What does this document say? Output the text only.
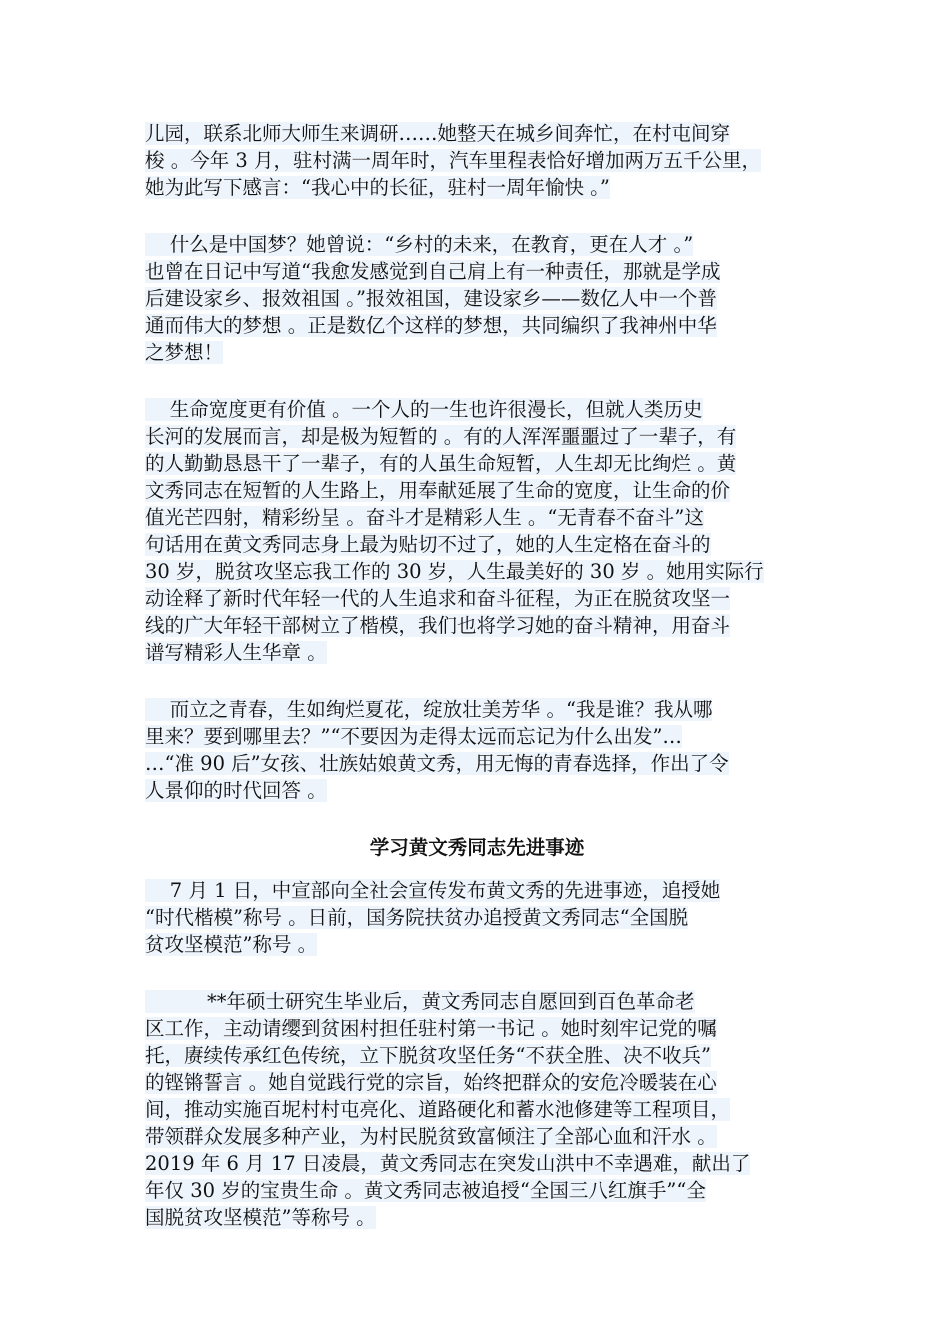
儿园，联系北师大师生来调研……她整天在城乡间奔忙，在村屯间穿
梭 。今年 3 月，驻村满一周年时，汽车里程表恰好增加两万五千公里，
她为此写下感言：“我心中的长征，驻村一周年愉快 。”
什么是中国梦？她曾说：“乡村的未来，在教育，更在人才 。”
也曾在日记中写道“我愈发感觉到自己肩上有一种责任，那就是学成
后建设家乡、报效祖国 。”报效祖国，建设家乡——数亿人中一个普
通而伟大的梦想 。正是数亿个这样的梦想，共同编织了我神州中华
之梦想！
生命宽度更有价值 。一个人的一生也许很漫长，但就人类历史
长河的发展而言，却是极为短暂的 。有的人浑浑噩噩过了一辈子，有
的人勤勤恳恳干了一辈子，有的人虽生命短暂，人生却无比绚烂 。黄
文秀同志在短暂的人生路上，用奉献延展了生命的宽度，让生命的价
值光芒四射，精彩纷呈 。奋斗才是精彩人生 。“无青春不奋斗”这
句话用在黄文秀同志身上最为贴切不过了，她的人生定格在奋斗的
30 岁，脱贫攻坚忘我工作的 30 岁，人生最美好的 30 岁 。她用实际行
动诠释了新时代年轻一代的人生追求和奋斗征程，为正在脱贫攻坚一
线的广大年轻干部树立了楷模，我们也将学习她的奋斗精神，用奋斗
谱写精彩人生华章 。
而立之青春，生如绚烂夏花，绽放壮美芳华 。“我是谁？我从哪
里来？要到哪里去？”“不要因为走得太远而忘记为什么出发”…
…“准 90 后”女孩、壮族姑娘黄文秀，用无悔的青春选择，作出了令
人景仰的时代回答 。
学习黄文秀同志先进事迹
7 月 1 日，中宣部向全社会宣传发布黄文秀的先进事迹，追授她
“时代楷模”称号 。日前，国务院扶贫办追授黄文秀同志“全国脱
贫攻坚模范”称号 。
**年硕士研究生毕业后，黄文秀同志自愿回到百色革命老
区工作，主动请缨到贫困村担任驻村第一书记 。她时刻牢记党的嘱
托，赓续传承红色传统，立下脱贫攻坚任务“不获全胜、决不收兵”
的铿锵誓言 。她自觉践行党的宗旨，始终把群众的安危冷暖装在心
间，推动实施百坭村村屯亮化、道路硬化和蓄水池修建等工程项目，
带领群众发展多种产业，为村民脱贫致富倾注了全部心血和汗水 。
2019 年 6 月 17 日凌晨，黄文秀同志在突发山洪中不幸遇难，献出了
年仅 30 岁的宝贵生命 。黄文秀同志被追授“全国三八红旗手”“全
国脱贫攻坚模范”等称号 。
